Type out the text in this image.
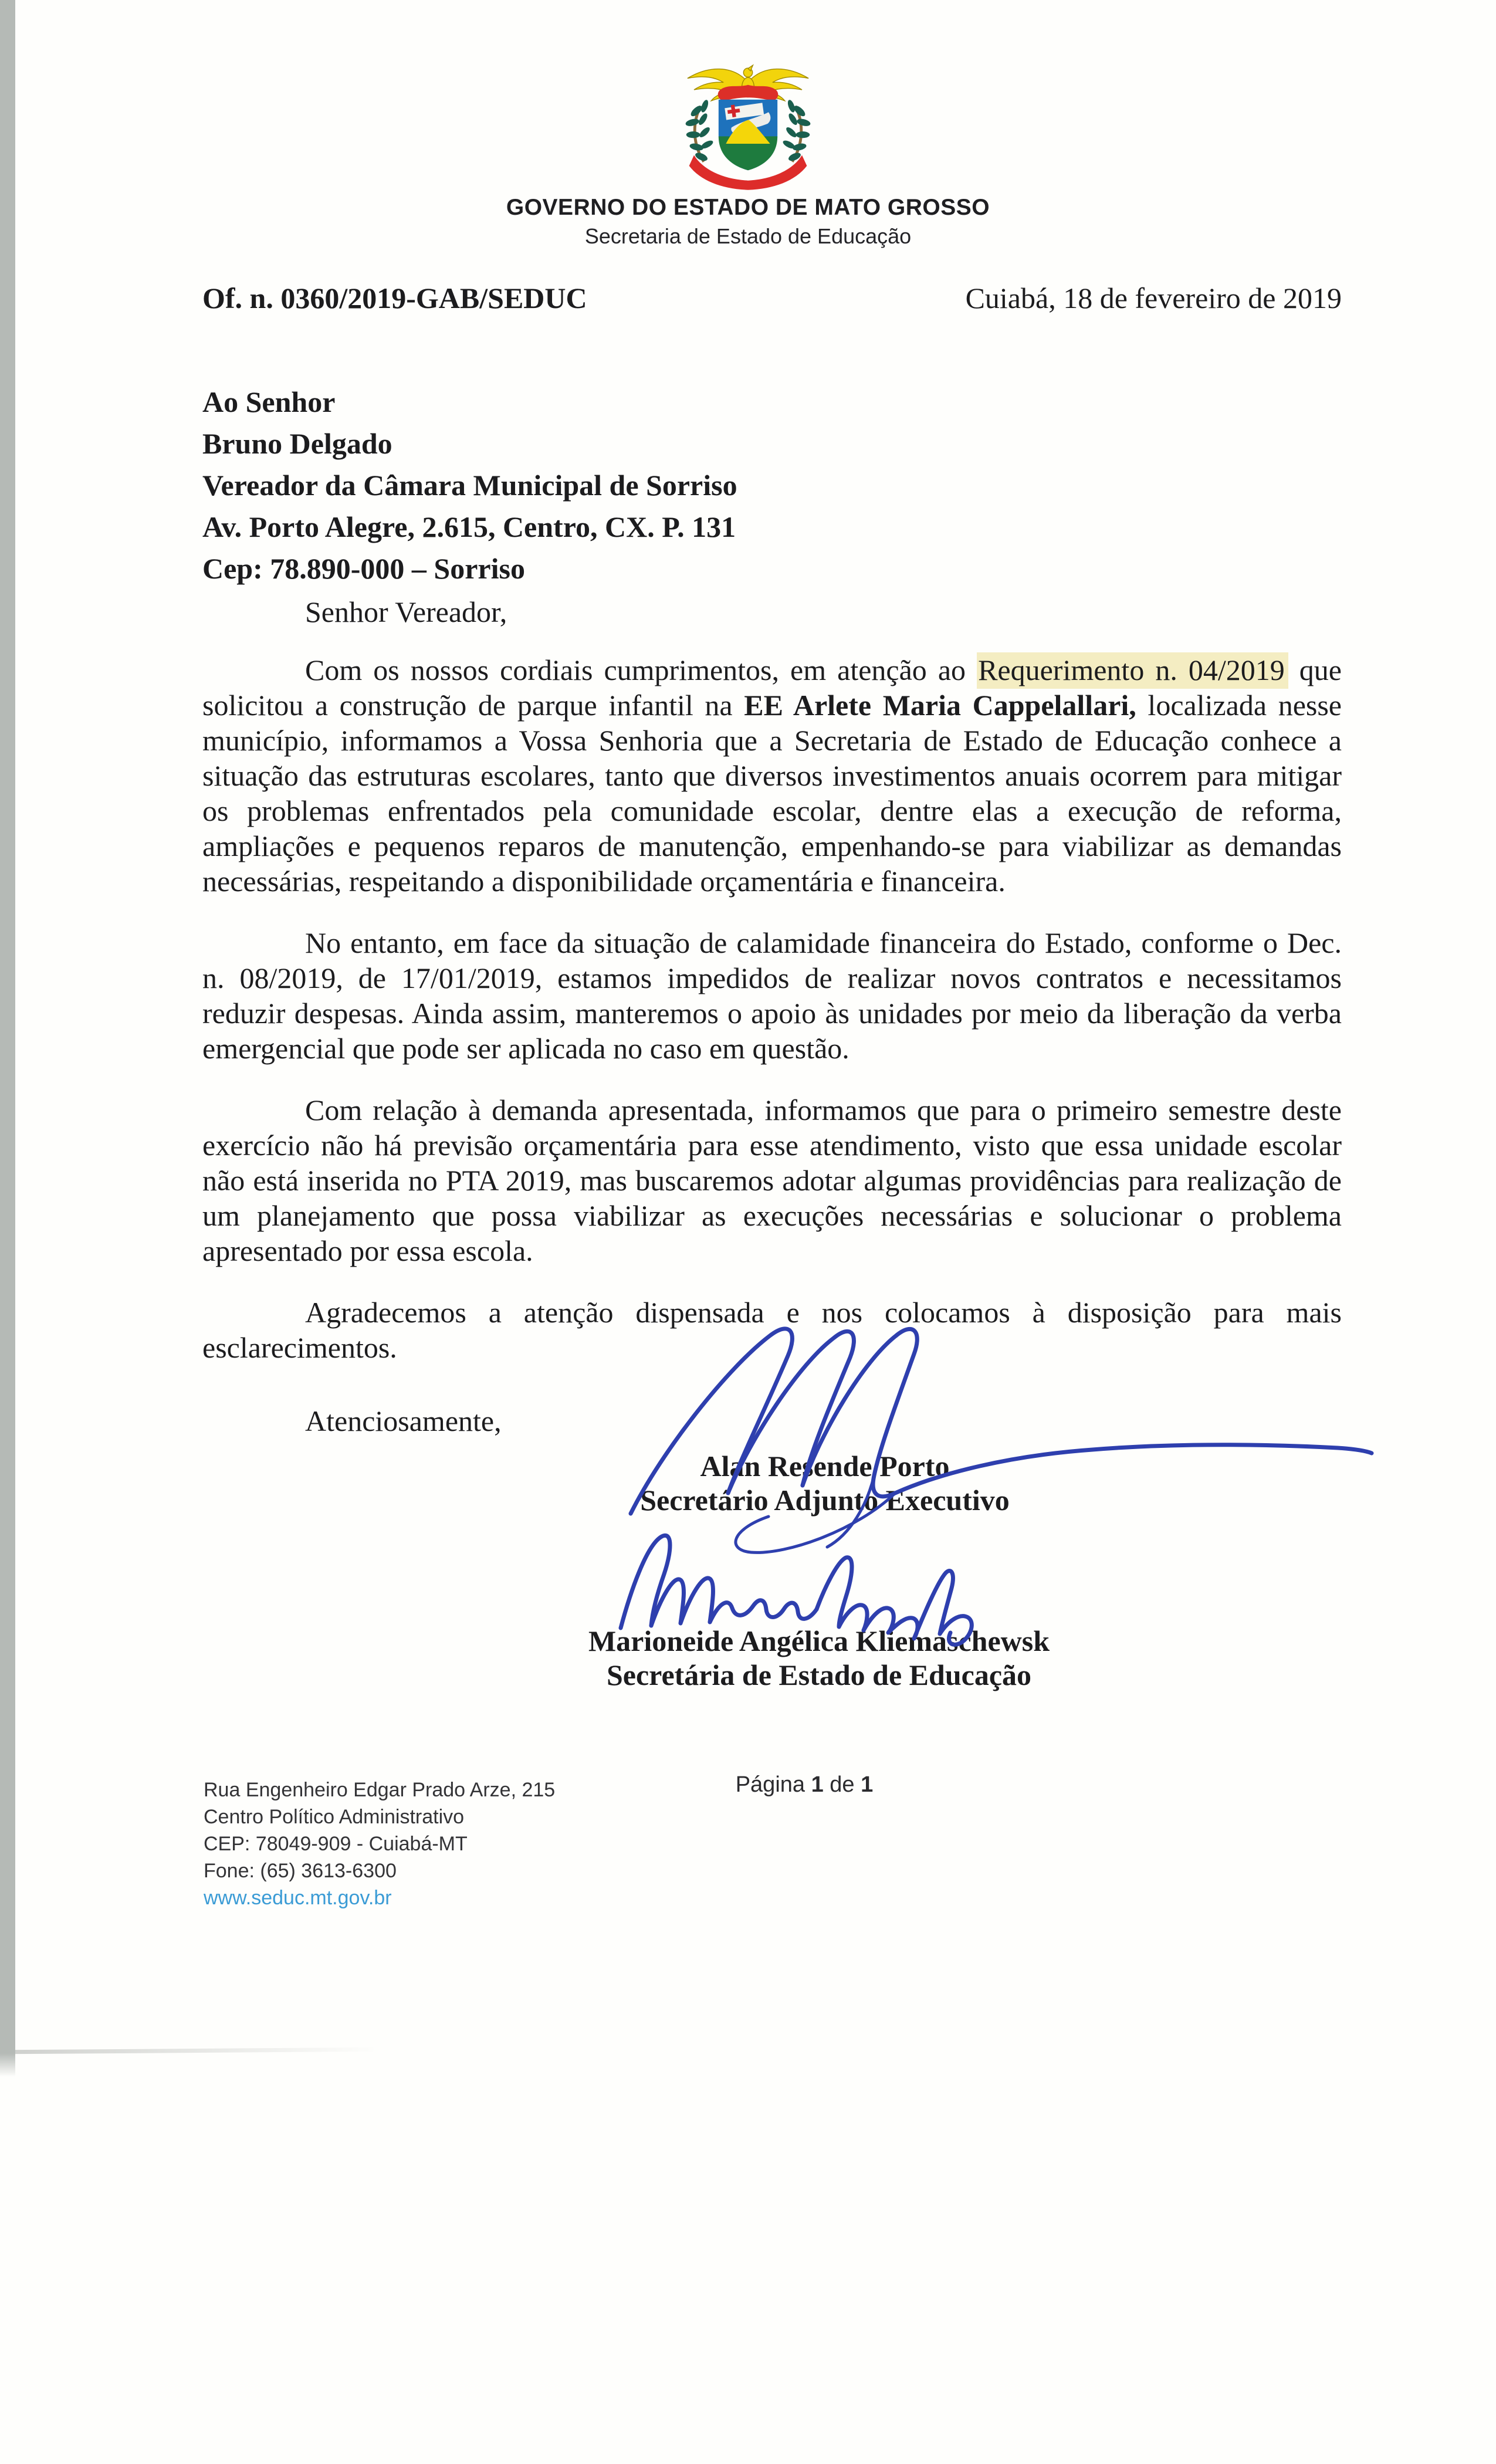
GOVERNO DO ESTADO DE MATO GROSSO
Secretaria de Estado de Educação
Of. n. 0360/2019-GAB/SEDUC	Cuiabá, 18 de fevereiro de 2019
Ao Senhor
Bruno Delgado
Vereador da Câmara Municipal de Sorriso
Av. Porto Alegre, 2.615, Centro, CX. P. 131
Cep: 78.890-000 – Sorriso
Senhor Vereador,

Com os nossos cordiais cumprimentos, em atenção ao Requerimento n. 04/2019 que solicitou a construção de parque infantil na EE Arlete Maria Cappelallari, localizada nesse município, informamos a Vossa Senhoria que a Secretaria de Estado de Educação conhece a situação das estruturas escolares, tanto que diversos investimentos anuais ocorrem para mitigar os problemas enfrentados pela comunidade escolar, dentre elas a execução de reforma, ampliações e pequenos reparos de manutenção, empenhando-se para viabilizar as demandas necessárias, respeitando a disponibilidade orçamentária e financeira.

No entanto, em face da situação de calamidade financeira do Estado, conforme o Dec. n. 08/2019, de 17/01/2019, estamos impedidos de realizar novos contratos e necessitamos reduzir despesas. Ainda assim, manteremos o apoio às unidades por meio da liberação da verba emergencial que pode ser aplicada no caso em questão.

Com relação à demanda apresentada, informamos que para o primeiro semestre deste exercício não há previsão orçamentária para esse atendimento, visto que essa unidade escolar não está inserida no PTA 2019, mas buscaremos adotar algumas providências para realização de um planejamento que possa viabilizar as execuções necessárias e solucionar o problema apresentado por essa escola.

Agradecemos a atenção dispensada e nos colocamos à disposição para mais esclarecimentos.

Atenciosamente,
Alan Resende Porto
Secretário Adjunto Executivo
Marioneide Angélica Kliemaschewsk
Secretária de Estado de Educação
Página 1 de 1
Rua Engenheiro Edgar Prado Arze, 215
Centro Político Administrativo
CEP: 78049-909 - Cuiabá-MT
Fone: (65) 3613-6300
www.seduc.mt.gov.br
